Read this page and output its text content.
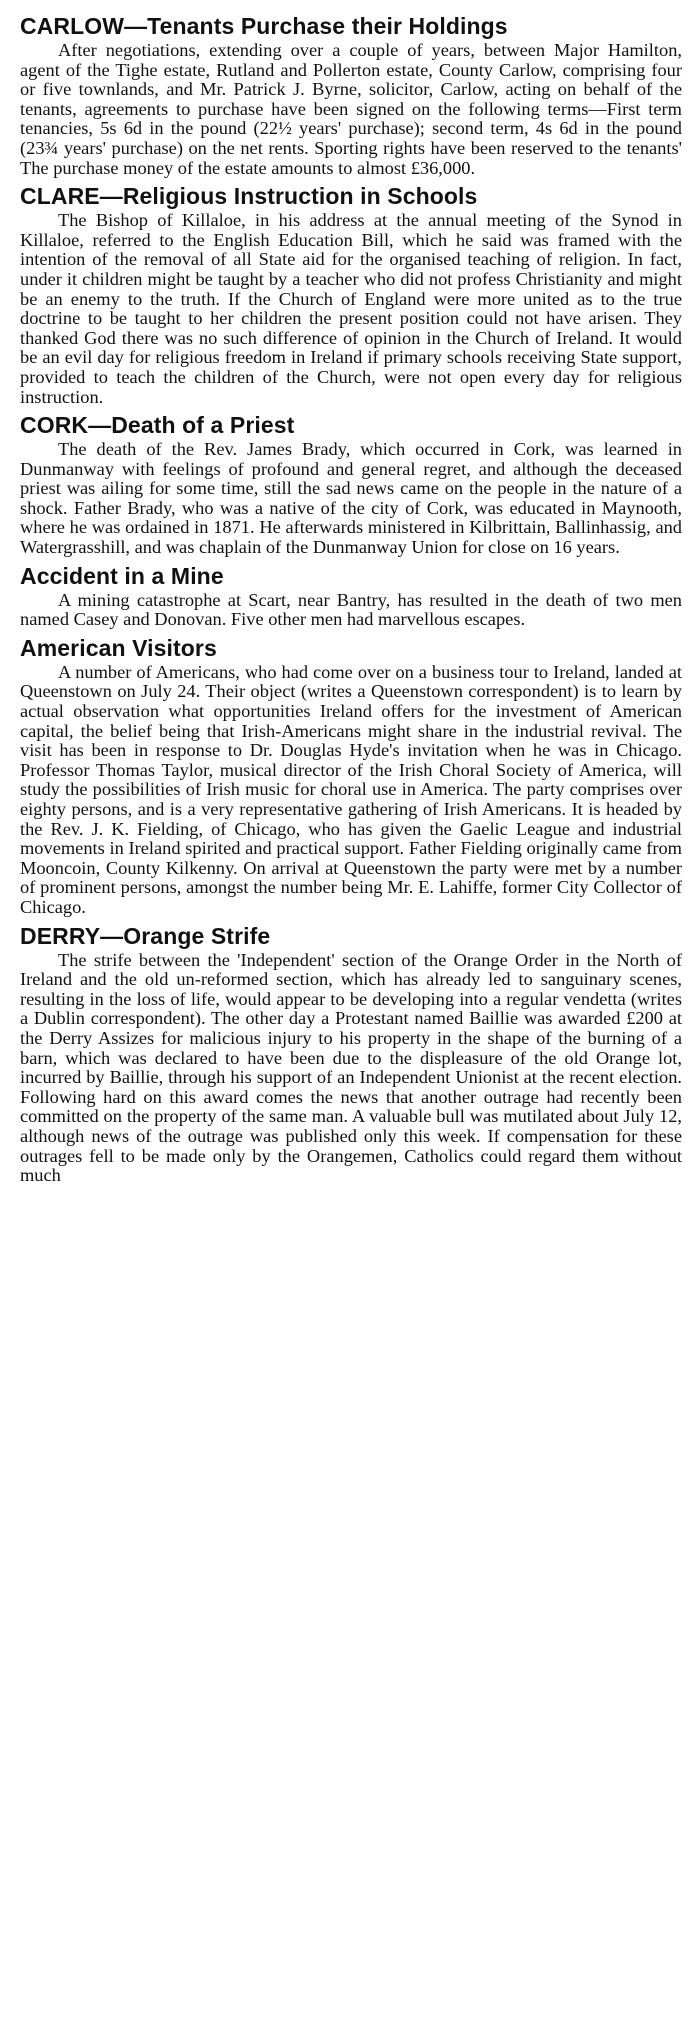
CARLOW—Tenants Purchase their Holdings

After negotiations, extending over a couple of years, between Major Hamilton, agent of the Tighe estate, Rutland and Pollerton estate, County Carlow, comprising four or five townlands, and Mr. Patrick J. Byrne, solicitor, Carlow, acting on behalf of the tenants, agreements to purchase have been signed on the following terms—First term tenancies, 5s 6d in the pound (22½ years' purchase); second term, 4s 6d in the pound (23¾ years' purchase) on the net rents. Sporting rights have been reserved to the tenants' The purchase money of the estate amounts to almost £36,000.

CLARE—Religious Instruction in Schools

The Bishop of Killaloe, in his address at the annual meeting of the Synod in Killaloe, referred to the English Education Bill, which he said was framed with the intention of the removal of all State aid for the organised teaching of religion. In fact, under it children might be taught by a teacher who did not profess Christianity and might be an enemy to the truth. If the Church of England were more united as to the true doctrine to be taught to her children the present position could not have arisen. They thanked God there was no such difference of opinion in the Church of Ireland. It would be an evil day for religious freedom in Ireland if primary schools receiving State support, provided to teach the children of the Church, were not open every day for religious instruction.

CORK—Death of a Priest

The death of the Rev. James Brady, which occurred in Cork, was learned in Dunmanway with feelings of profound and general regret, and although the deceased priest was ailing for some time, still the sad news came on the people in the nature of a shock. Father Brady, who was a native of the city of Cork, was educated in Maynooth, where he was ordained in 1871. He afterwards ministered in Kilbrittain, Ballinhassig, and Watergrasshill, and was chaplain of the Dunmanway Union for close on 16 years.

Accident in a Mine

A mining catastrophe at Scart, near Bantry, has resulted in the death of two men named Casey and Donovan. Five other men had marvellous escapes.

American Visitors

A number of Americans, who had come over on a business tour to Ireland, landed at Queenstown on July 24. Their object (writes a Queenstown correspondent) is to learn by actual observation what opportunities Ireland offers for the investment of American capital, the belief being that Irish-Americans might share in the industrial revival. The visit has been in response to Dr. Douglas Hyde's invitation when he was in Chicago. Professor Thomas Taylor, musical director of the Irish Choral Society of America, will study the possibilities of Irish music for choral use in America. The party comprises over eighty persons, and is a very representative gathering of Irish Americans. It is headed by the Rev. J. K. Fielding, of Chicago, who has given the Gaelic League and industrial movements in Ireland spirited and practical support. Father Fielding originally came from Mooncoin, County Kilkenny. On arrival at Queenstown the party were met by a number of prominent persons, amongst the number being Mr. E. Lahiffe, former City Collector of Chicago.

DERRY—Orange Strife

The strife between the 'Independent' section of the Orange Order in the North of Ireland and the old un-reformed section, which has already led to sanguinary scenes, resulting in the loss of life, would appear to be developing into a regular vendetta (writes a Dublin correspondent). The other day a Protestant named Baillie was awarded £200 at the Derry Assizes for malicious injury to his property in the shape of the burning of a barn, which was declared to have been due to the displeasure of the old Orange lot, incurred by Baillie, through his support of an Independent Unionist at the recent election. Following hard on this award comes the news that another outrage had recently been committed on the property of the same man. A valuable bull was mutilated about July 12, although news of the outrage was published only this week. If compensation for these outrages fell to be made only by the Orangemen, Catholics could regard them without much
